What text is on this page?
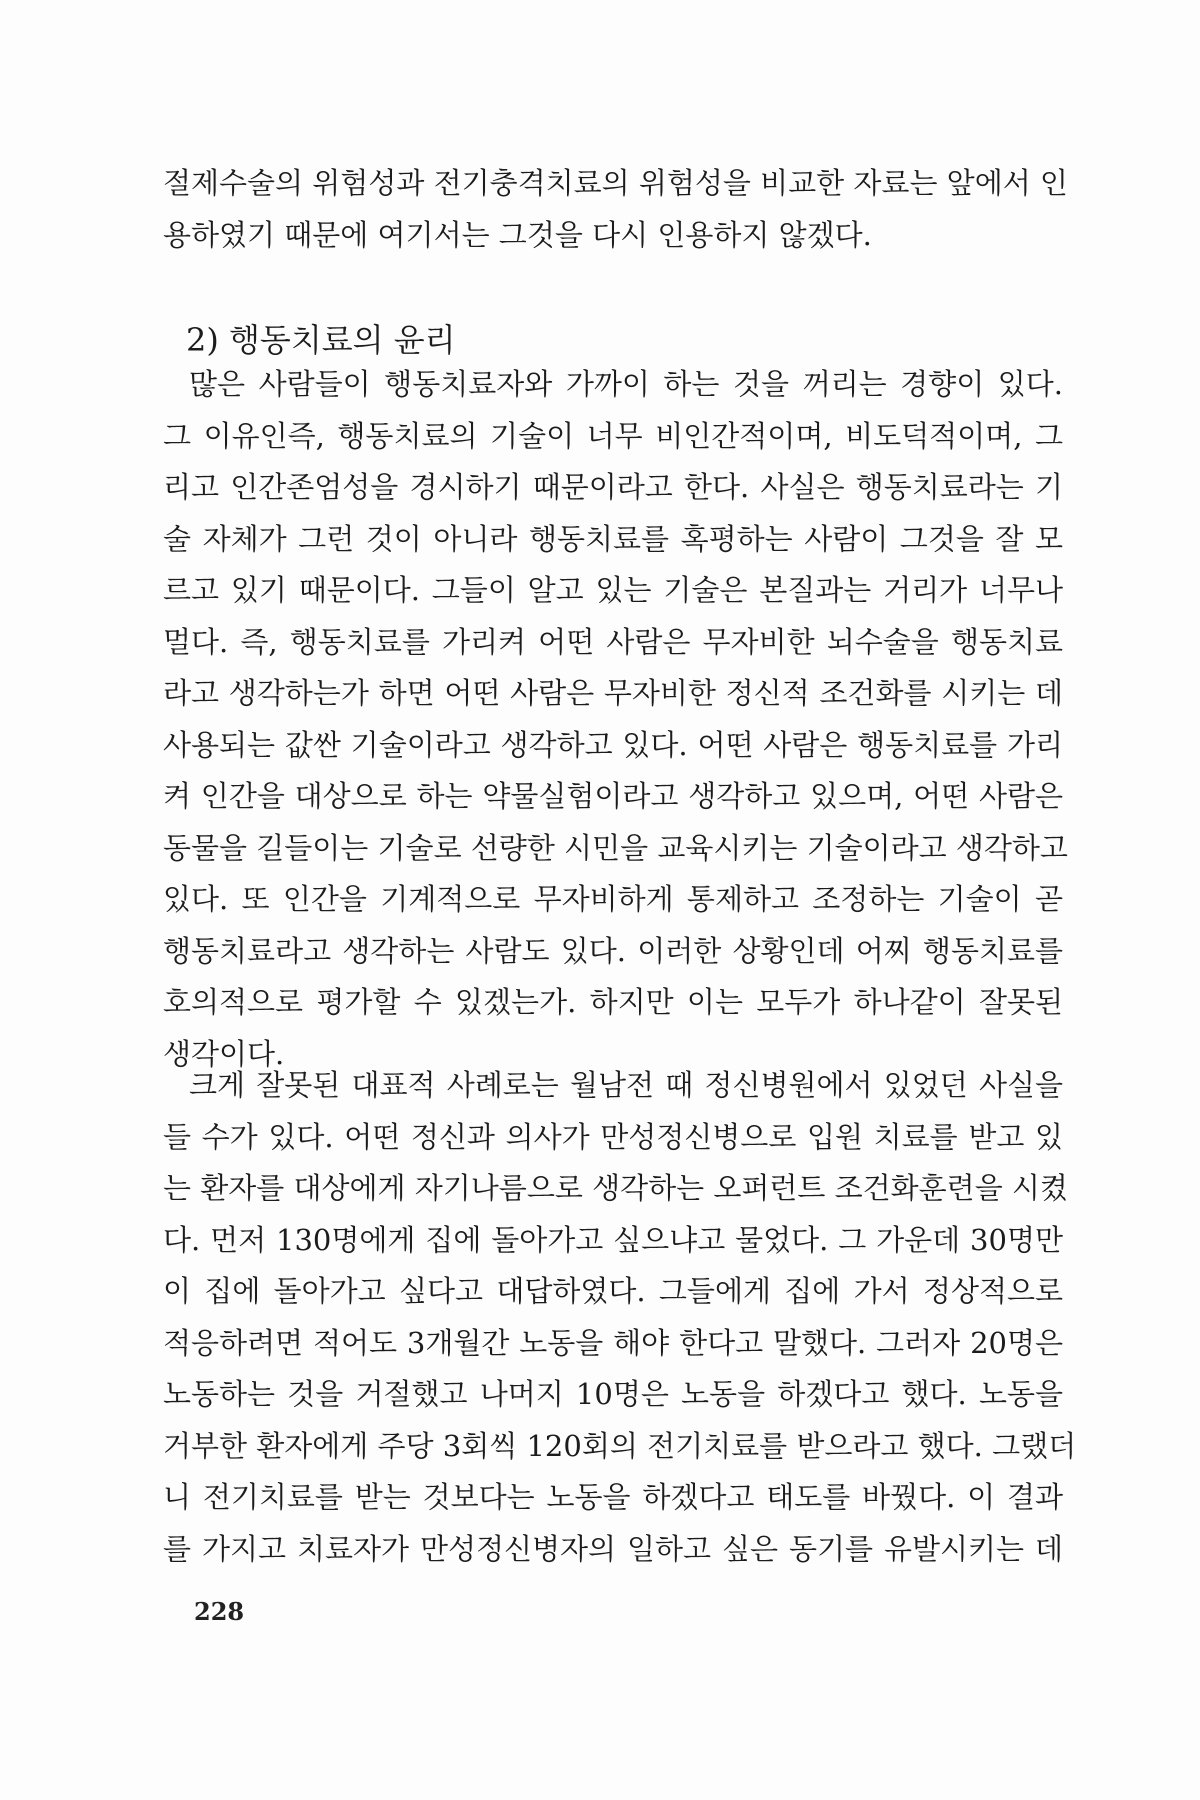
절제수술의 위험성과 전기충격치료의 위험성을 비교한 자료는 앞에서 인
용하였기 때문에 여기서는 그것을 다시 인용하지 않겠다.
2) 행동치료의 윤리
많은 사람들이 행동치료자와 가까이 하는 것을 꺼리는 경향이 있다.
그 이유인즉, 행동치료의 기술이 너무 비인간적이며, 비도덕적이며, 그
리고 인간존엄성을 경시하기 때문이라고 한다. 사실은 행동치료라는 기
술 자체가 그런 것이 아니라 행동치료를 혹평하는 사람이 그것을 잘 모
르고 있기 때문이다. 그들이 알고 있는 기술은 본질과는 거리가 너무나
멀다. 즉, 행동치료를 가리켜 어떤 사람은 무자비한 뇌수술을 행동치료
라고 생각하는가 하면 어떤 사람은 무자비한 정신적 조건화를 시키는 데
사용되는 값싼 기술이라고 생각하고 있다. 어떤 사람은 행동치료를 가리
켜 인간을 대상으로 하는 약물실험이라고 생각하고 있으며, 어떤 사람은
동물을 길들이는 기술로 선량한 시민을 교육시키는 기술이라고 생각하고
있다. 또 인간을 기계적으로 무자비하게 통제하고 조정하는 기술이 곧
행동치료라고 생각하는 사람도 있다. 이러한 상황인데 어찌 행동치료를
호의적으로 평가할 수 있겠는가. 하지만 이는 모두가 하나같이 잘못된
생각이다.
크게 잘못된 대표적 사례로는 월남전 때 정신병원에서 있었던 사실을
들 수가 있다. 어떤 정신과 의사가 만성정신병으로 입원 치료를 받고 있
는 환자를 대상에게 자기나름으로 생각하는 오퍼런트 조건화훈련을 시켰
다. 먼저 130명에게 집에 돌아가고 싶으냐고 물었다. 그 가운데 30명만
이 집에 돌아가고 싶다고 대답하였다. 그들에게 집에 가서 정상적으로
적응하려면 적어도 3개월간 노동을 해야 한다고 말했다. 그러자 20명은
노동하는 것을 거절했고 나머지 10명은 노동을 하겠다고 했다. 노동을
거부한 환자에게 주당 3회씩 120회의 전기치료를 받으라고 했다. 그랬더
니 전기치료를 받는 것보다는 노동을 하겠다고 태도를 바꿨다. 이 결과
를 가지고 치료자가 만성정신병자의 일하고 싶은 동기를 유발시키는 데
228
